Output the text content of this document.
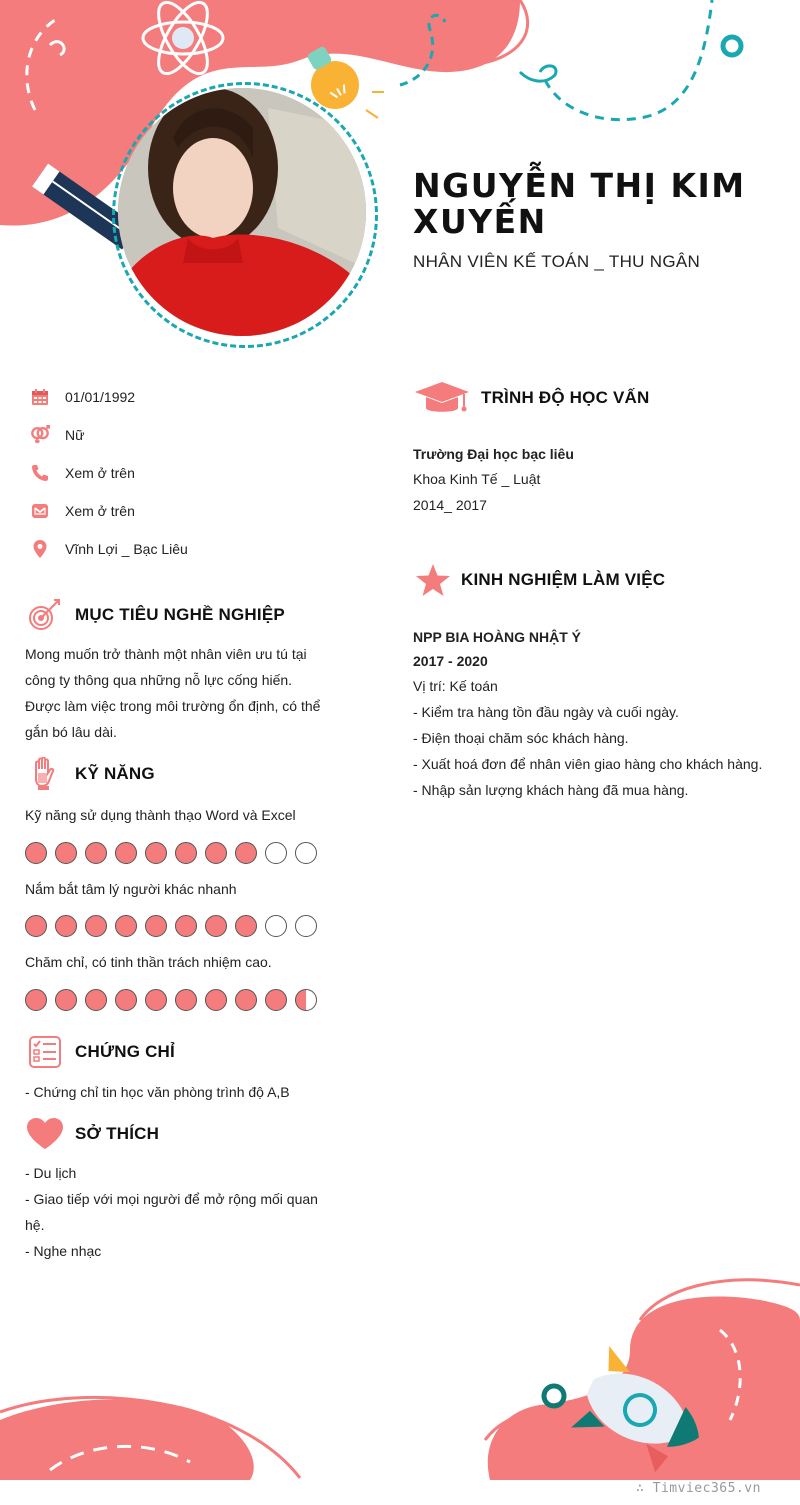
NGUYỄN THỊ KIM XUYẾN
NHÂN VIÊN KẾ TOÁN _ THU NGÂN
01/01/1992
Nữ
Xem ở trên
Xem ở trên
Vĩnh Lợi _ Bạc Liêu
MỤC TIÊU NGHỀ NGHIỆP
Mong muốn trở thành một nhân viên ưu tú tại
công ty thông qua những nỗ lực cống hiến.
Được làm việc trong môi trường ổn định, có thể
gắn bó lâu dài.
KỸ NĂNG
Kỹ năng sử dụng thành thạo Word và Excel
Nắm bắt tâm lý người khác nhanh
Chăm chỉ, có tinh thần trách nhiệm cao.
CHỨNG CHỈ
- Chứng chỉ tin học văn phòng trình độ A,B
SỞ THÍCH
- Du lịch
- Giao tiếp với mọi người để mở rộng mối quan
hệ.
- Nghe nhạc
TRÌNH ĐỘ HỌC VẤN
Trường Đại học bạc liêu
Khoa Kinh Tế _ Luật
2014_ 2017
KINH NGHIỆM LÀM VIỆC
NPP BIA HOÀNG NHẬT Ý
2017 - 2020
Vị trí: Kế toán
- Kiểm tra hàng tồn đầu ngày và cuối ngày.
- Điện thoại chăm sóc khách hàng.
- Xuất hoá đơn để nhân viên giao hàng cho khách hàng.
- Nhập sản lượng khách hàng đã mua hàng.
∴ Timviec365.vn
